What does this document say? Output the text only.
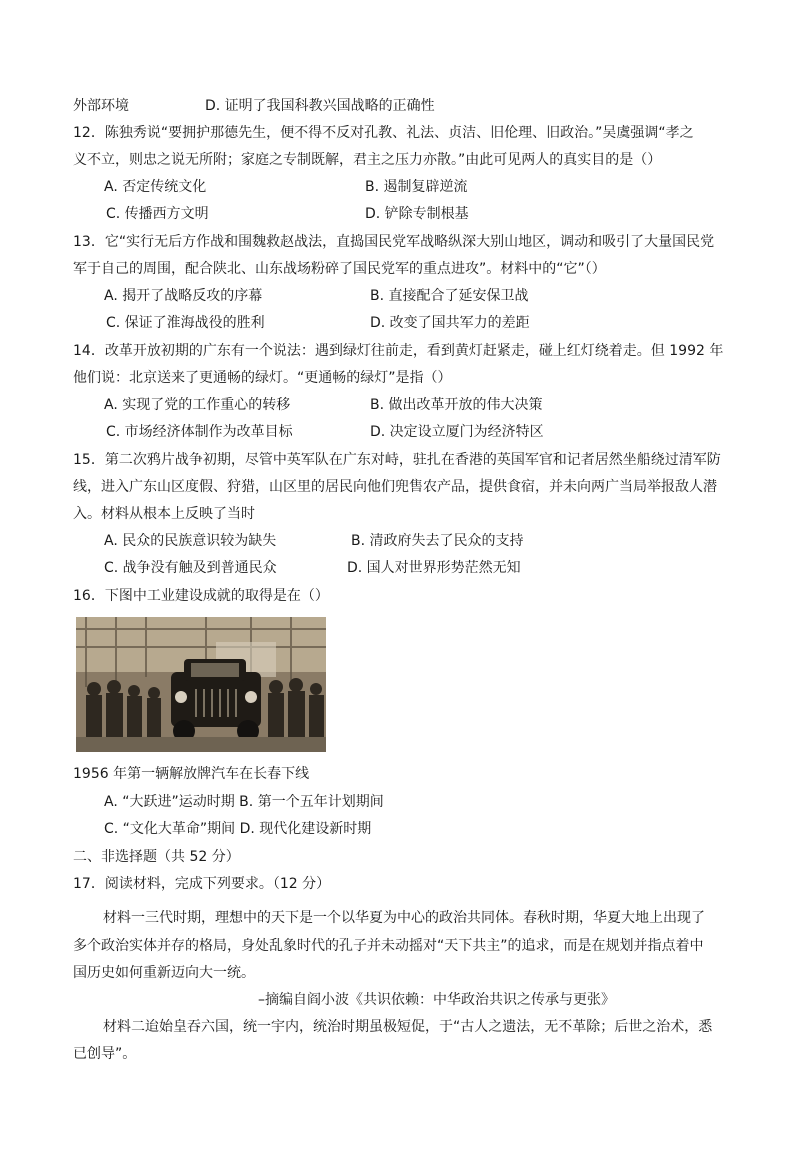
外部环境	D. 证明了我国科教兴国战略的正确性
12．陈独秀说“要拥护那德先生，便不得不反对孔教、礼法、贞洁、旧伦理、旧政治。”吴虞强调“孝之
义不立，则忠之说无所附；家庭之专制既解，君主之压力亦散。”由此可见两人的真实目的是（）
A. 否定传统文化	B. 遏制复辟逆流
C. 传播西方文明	D. 铲除专制根基
13．它“实行无后方作战和围魏救赵战法，直捣国民党军战略纵深大别山地区，调动和吸引了大量国民党
军于自己的周围，配合陕北、山东战场粉碎了国民党军的重点进攻”。材料中的“它”（）
A. 揭开了战略反攻的序幕	B. 直接配合了延安保卫战
C. 保证了淮海战役的胜利	D. 改变了国共军力的差距
14．改革开放初期的广东有一个说法：遇到绿灯往前走，看到黄灯赶紧走，碰上红灯绕着走。但 1992 年
他们说：北京送来了更通畅的绿灯。“更通畅的绿灯”是指（）
A. 实现了党的工作重心的转移	B. 做出改革开放的伟大决策
C. 市场经济体制作为改革目标	D. 决定设立厦门为经济特区
15．第二次鸦片战争初期，尽管中英军队在广东对峙，驻扎在香港的英国军官和记者居然坐船绕过清军防
线，进入广东山区度假、狩猎，山区里的居民向他们兜售农产品，提供食宿，并未向两广当局举报敌人潜
入。材料从根本上反映了当时
A. 民众的民族意识较为缺失	B. 清政府失去了民众的支持
C. 战争没有触及到普通民众	D. 国人对世界形势茫然无知
16．下图中工业建设成就的取得是在（）
1956 年第一辆解放牌汽车在长春下线
A. “大跃进”运动时期 B. 第一个五年计划期间
C. “文化大革命”期间 D. 现代化建设新时期
二、非选择题（共 52 分）
17．阅读材料，完成下列要求。（12 分）
材料一三代时期，理想中的天下是一个以华夏为中心的政治共同体。春秋时期，华夏大地上出现了
多个政治实体并存的格局，身处乱象时代的孔子并未动摇对“天下共主”的追求，而是在规划并指点着中
国历史如何重新迈向大一统。
–摘编自阎小波《共识依赖：中华政治共识之传承与更张》
材料二迨始皇吞六国，统一宇内，统治时期虽极短促，于“古人之遗法，无不革除；后世之治术，悉
已创导”。
